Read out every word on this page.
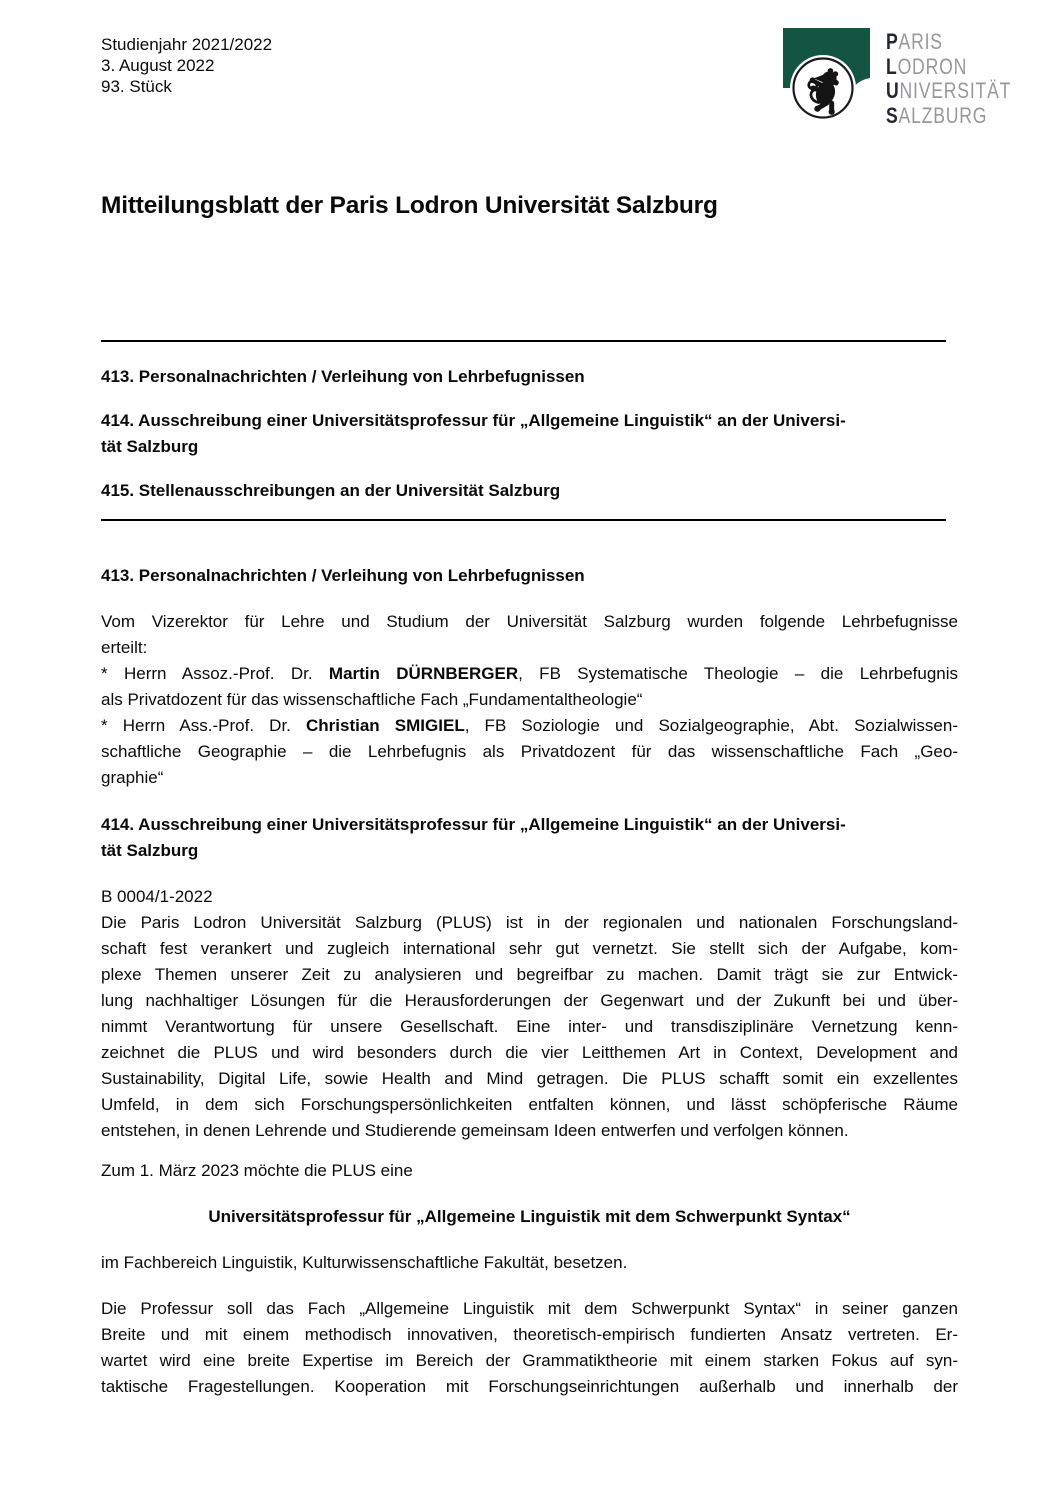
Studienjahr 2021/2022
3. August 2022
93. Stück
PARIS
LODRON
UNIVERSITÄT
SALZBURG
Mitteilungsblatt der Paris Lodron Universität Salzburg
413. Personalnachrichten / Verleihung von Lehrbefugnissen
414. Ausschreibung einer Universitätsprofessur für „Allgemeine Linguistik“ an der Universi-
tät Salzburg
415. Stellenausschreibungen an der Universität Salzburg
413. Personalnachrichten / Verleihung von Lehrbefugnissen
Vom Vizerektor für Lehre und Studium der Universität Salzburg wurden folgende Lehrbefugnisse
erteilt:
* Herrn Assoz.-Prof. Dr. Martin DÜRNBERGER, FB Systematische Theologie – die Lehrbefugnis
als Privatdozent für das wissenschaftliche Fach „Fundamentaltheologie“
* Herrn Ass.-Prof. Dr. Christian SMIGIEL, FB Soziologie und Sozialgeographie, Abt. Sozialwissen-
schaftliche Geographie – die Lehrbefugnis als Privatdozent für das wissenschaftliche Fach „Geo-
graphie“
414. Ausschreibung einer Universitätsprofessur für „Allgemeine Linguistik“ an der Universi-
tät Salzburg
B 0004/1-2022
Die Paris Lodron Universität Salzburg (PLUS) ist in der regionalen und nationalen Forschungsland-
schaft fest verankert und zugleich international sehr gut vernetzt. Sie stellt sich der Aufgabe, kom-
plexe Themen unserer Zeit zu analysieren und begreifbar zu machen. Damit trägt sie zur Entwick-
lung nachhaltiger Lösungen für die Herausforderungen der Gegenwart und der Zukunft bei und über-
nimmt Verantwortung für unsere Gesellschaft. Eine inter- und transdisziplinäre Vernetzung kenn-
zeichnet die PLUS und wird besonders durch die vier Leitthemen Art in Context, Development and
Sustainability, Digital Life, sowie Health and Mind getragen. Die PLUS schafft somit ein exzellentes
Umfeld, in dem sich Forschungspersönlichkeiten entfalten können, und lässt schöpferische Räume
entstehen, in denen Lehrende und Studierende gemeinsam Ideen entwerfen und verfolgen können.
Zum 1. März 2023 möchte die PLUS eine
Universitätsprofessur für „Allgemeine Linguistik mit dem Schwerpunkt Syntax“
im Fachbereich Linguistik, Kulturwissenschaftliche Fakultät, besetzen.
Die Professur soll das Fach „Allgemeine Linguistik mit dem Schwerpunkt Syntax“ in seiner ganzen
Breite und mit einem methodisch innovativen, theoretisch-empirisch fundierten Ansatz vertreten. Er-
wartet wird eine breite Expertise im Bereich der Grammatiktheorie mit einem starken Fokus auf syn-
taktische Fragestellungen. Kooperation mit Forschungseinrichtungen außerhalb und innerhalb der
